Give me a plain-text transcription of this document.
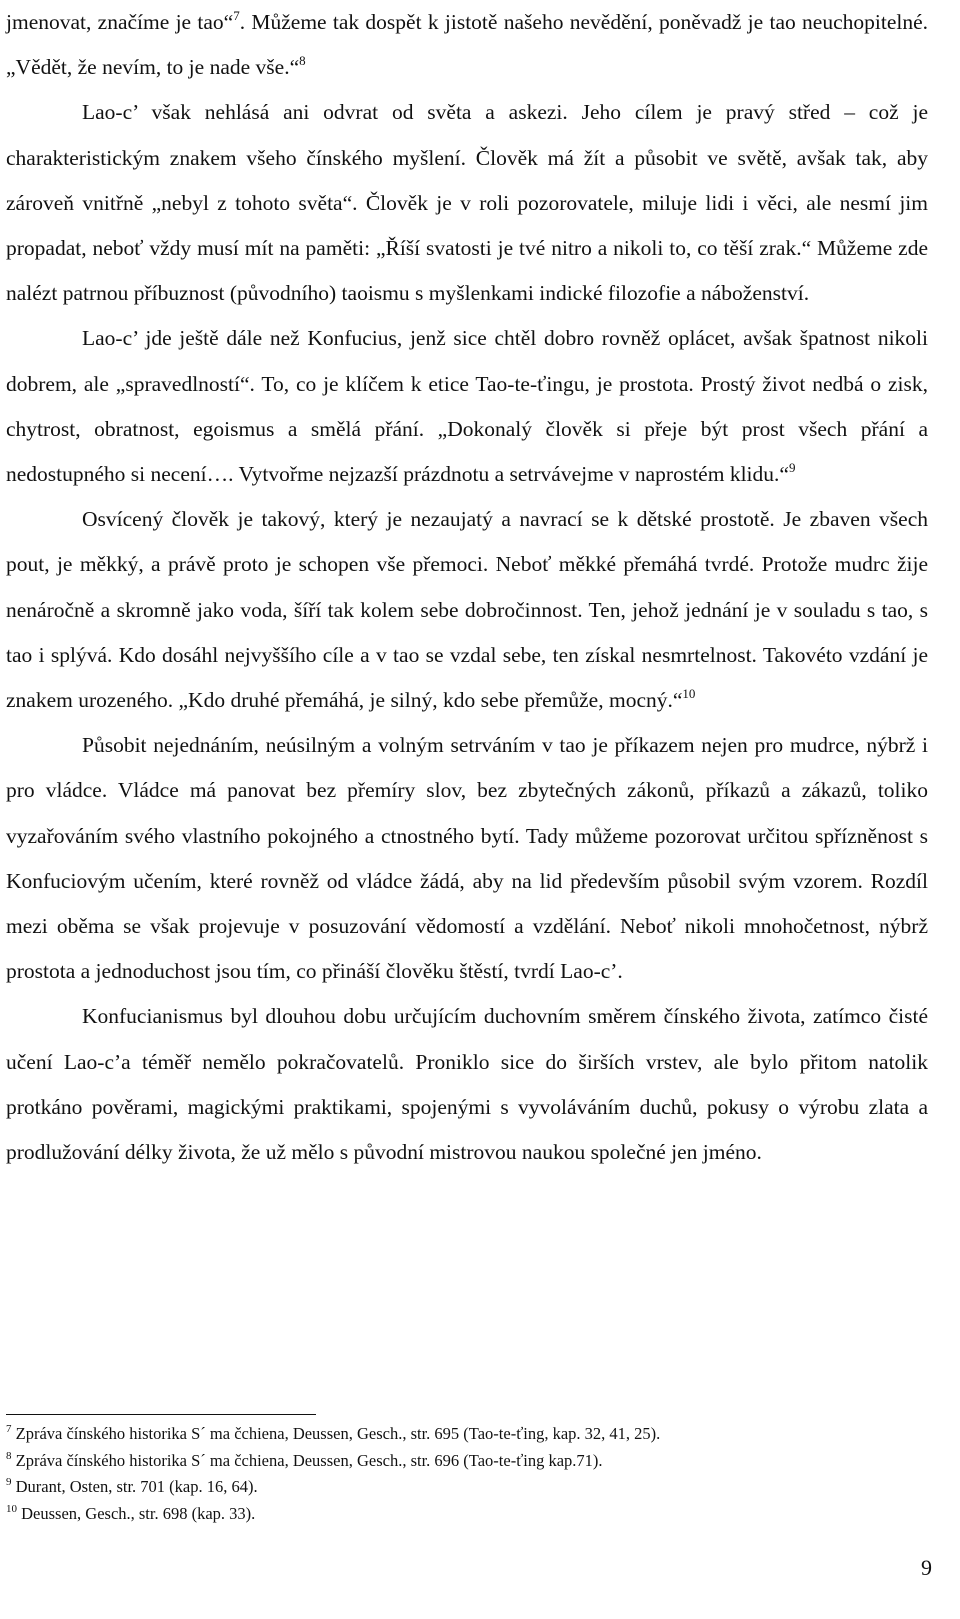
jmenovat, značíme je tao“$^7$. Můžeme tak dospět k jistotě našeho nevědění, poněvadž je tao neuchopitelné. „Vědět, že nevím, to je nade vše.“$^8$

Lao-c’ však nehlásá ani odvrat od světa a askezi. Jeho cílem je pravý střed – což je charakteristickým znakem všeho čínského myšlení. Člověk má žít a působit ve světě, avšak tak, aby zároveň vnitřně „nebyl z tohoto světa“. Člověk je v roli pozorovatele, miluje lidi i věci, ale nesmí jim propadat, neboť vždy musí mít na paměti: „Říší svatosti je tvé nitro a nikoli to, co těší zrak.“ Můžeme zde nalézt patrnou příbuznost (původního) taoismu s myšlenkami indické filozofie a náboženství.

Lao-c’ jde ještě dále než Konfucius, jenž sice chtěl dobro rovněž oplácet, avšak špatnost nikoli dobrem, ale „spravedlností“. To, co je klíčem k etice Tao-te-ťingu, je prostota. Prostý život nedbá o zisk, chytrost, obratnost, egoismus a smělá přání. „Dokonalý člověk si přeje být prost všech přání a nedostupného si necení…. Vytvořme nejzazší prázdnotu a setrvávejme v naprostém klidu.“$^9$

Osvícený člověk je takový, který je nezaujatý a navrací se k dětské prostotě. Je zbaven všech pout, je měkký, a právě proto je schopen vše přemoci. Neboť měkké přemáhá tvrdé. Protože mudrc žije nenáročně a skromně jako voda, šíří tak kolem sebe dobročinnost. Ten, jehož jednání je v souladu s tao, s tao i splývá. Kdo dosáhl nejvyššího cíle a v tao se vzdal sebe, ten získal nesmrtelnost. Takovéto vzdání je znakem urozeného. „Kdo druhé přemáhá, je silný, kdo sebe přemůže, mocný.“$^{10}$

Působit nejednáním, neúsilným a volným setrváním v tao je příkazem nejen pro mudrce, nýbrž i pro vládce. Vládce má panovat bez přemíry slov, bez zbytečných zákonů, příkazů a zákazů, toliko vyzařováním svého vlastního pokojného a ctnostného bytí. Tady můžeme pozorovat určitou spřízněnost s Konfuciovým učením, které rovněž od vládce žádá, aby na lid především působil svým vzorem. Rozdíl mezi oběma se však projevuje v posuzování vědomostí a vzdělání. Neboť nikoli mnohočetnost, nýbrž prostota a jednoduchost jsou tím, co přináší člověku štěstí, tvrdí Lao-c’.

Konfucianismus byl dlouhou dobu určujícím duchovním směrem čínského života, zatímco čisté učení Lao-c’a téměř nemělo pokračovatelů. Proniklo sice do širších vrstev, ale bylo přitom natolik protkáno pověrami, magickými praktikami, spojenými s vyvoláváním duchů, pokusy o výrobu zlata a prodlužování délky života, že už mělo s původní mistrovou naukou společné jen jméno.

$^7$ Zpráva čínského historika S´ ma čchiena, Deussen, Gesch., str. 695 (Tao-te-ťing, kap. 32, 41, 25).

$^8$ Zpráva čínského historika S´ ma čchiena, Deussen, Gesch., str. 696 (Tao-te-ťing kap.71).

$^9$ Durant, Osten, str. 701 (kap. 16, 64).

$^{10}$ Deussen, Gesch., str. 698 (kap. 33).

9
